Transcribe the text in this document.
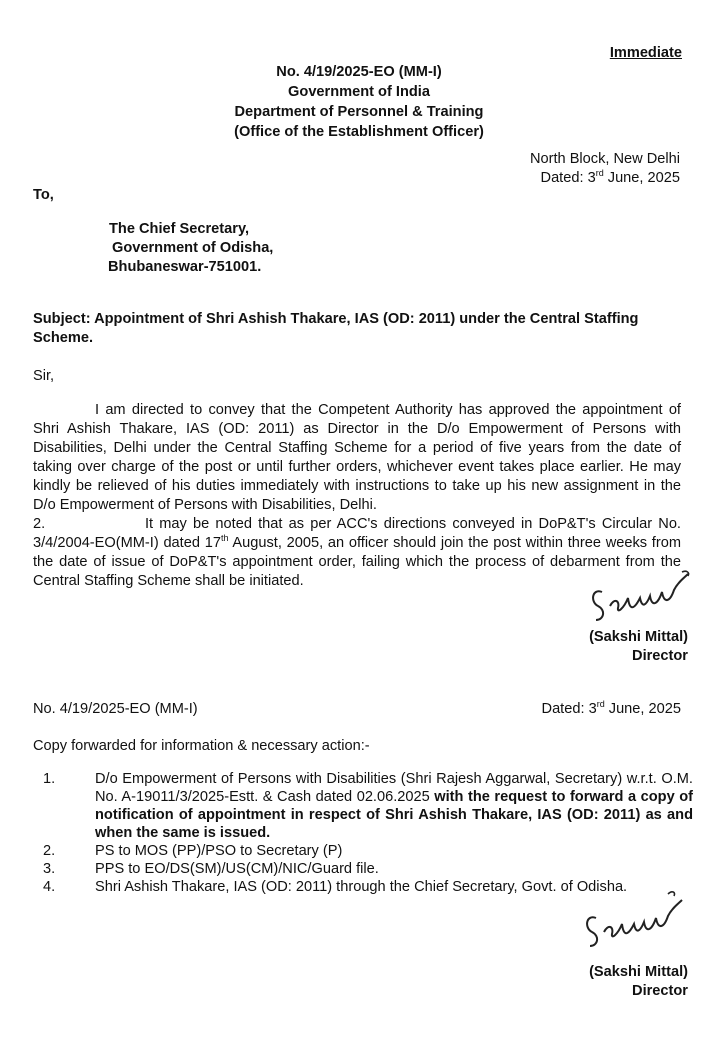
Immediate
No. 4/19/2025-EO (MM-I)
Government of India
Department of Personnel & Training
(Office of the Establishment Officer)
North Block, New Delhi
Dated: 3rd June, 2025
To,
The Chief Secretary,
Government of Odisha,
Bhubaneswar-751001.
Subject: Appointment of Shri Ashish Thakare, IAS (OD: 2011) under the Central Staffing Scheme.
Sir,
I am directed to convey that the Competent Authority has approved the appointment of Shri Ashish Thakare, IAS (OD: 2011) as Director in the D/o Empowerment of Persons with Disabilities, Delhi under the Central Staffing Scheme for a period of five years from the date of taking over charge of the post or until further orders, whichever event takes place earlier. He may kindly be relieved of his duties immediately with instructions to take up his new assignment in the D/o Empowerment of Persons with Disabilities, Delhi.
2.	It may be noted that as per ACC's directions conveyed in DoP&T's Circular No. 3/4/2004-EO(MM-I) dated 17th August, 2005, an officer should join the post within three weeks from the date of issue of DoP&T's appointment order, failing which the process of debarment from the Central Staffing Scheme shall be initiated.
(Sakshi Mittal)
Director
No. 4/19/2025-EO (MM-I)	Dated: 3rd June, 2025
Copy forwarded for information & necessary action:-
1.	D/o Empowerment of Persons with Disabilities (Shri Rajesh Aggarwal, Secretary) w.r.t. O.M. No. A-19011/3/2025-Estt. & Cash dated 02.06.2025 with the request to forward a copy of notification of appointment in respect of Shri Ashish Thakare, IAS (OD: 2011) as and when the same is issued.
2.	PS to MOS (PP)/PSO to Secretary (P)
3.	PPS to EO/DS(SM)/US(CM)/NIC/Guard file.
4.	Shri Ashish Thakare, IAS (OD: 2011) through the Chief Secretary, Govt. of Odisha.
(Sakshi Mittal)
Director
